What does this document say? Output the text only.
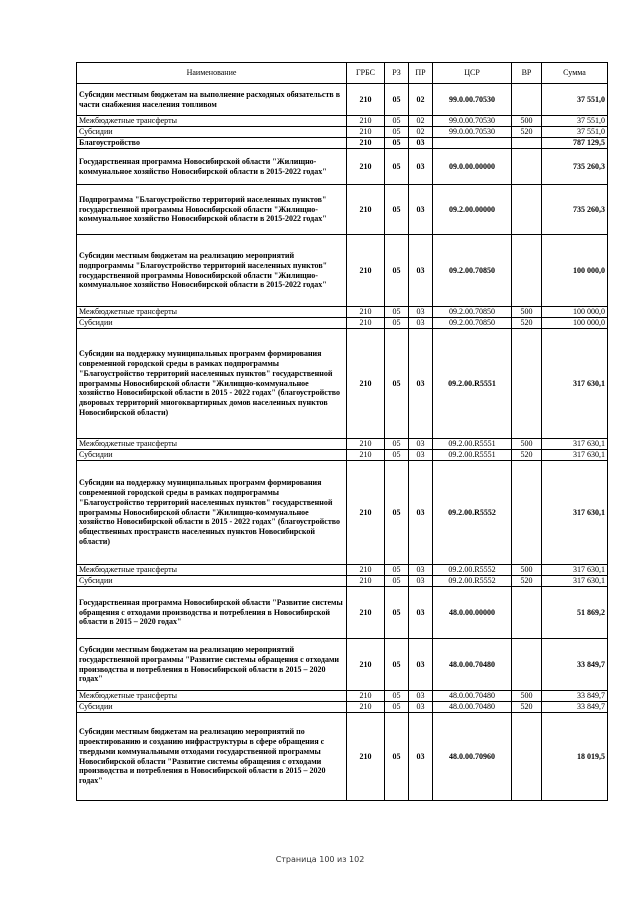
Наименование	ГРБС	РЗ	ПР	ЦСР	ВР	Сумма
Субсидии местным бюджетам на выполнение расходных обязательств в части снабжения населения топливом	210	05	02	99.0.00.70530		37 551,0
Межбюджетные трансферты	210	05	02	99.0.00.70530	500	37 551,0
Субсидии	210	05	02	99.0.00.70530	520	37 551,0
Благоустройство	210	05	03			787 129,5
Государственная программа Новосибирской области "Жилищно-коммунальное хозяйство Новосибирской области в 2015-2022 годах"	210	05	03	09.0.00.00000		735 260,3
Подпрограмма "Благоустройство территорий населенных пунктов" государственной программы Новосибирской области "Жилищно-коммунальное хозяйство Новосибирской области в 2015-2022 годах"	210	05	03	09.2.00.00000		735 260,3
Субсидии местным бюджетам на реализацию мероприятий подпрограммы "Благоустройство территорий населенных пунктов" государственной программы Новосибирской области "Жилищно-коммунальное хозяйство Новосибирской области в 2015-2022 годах"	210	05	03	09.2.00.70850		100 000,0
Межбюджетные трансферты	210	05	03	09.2.00.70850	500	100 000,0
Субсидии	210	05	03	09.2.00.70850	520	100 000,0
Субсидии на поддержку муниципальных программ формирования современной городской среды в рамках подпрограммы "Благоустройство территорий населенных пунктов" государственной программы Новосибирской области "Жилищно-коммунальное хозяйство Новосибирской области в 2015 - 2022 годах" (благоустройство дворовых территорий многоквартирных домов населенных пунктов Новосибирской области)	210	05	03	09.2.00.R5551		317 630,1
Межбюджетные трансферты	210	05	03	09.2.00.R5551	500	317 630,1
Субсидии	210	05	03	09.2.00.R5551	520	317 630,1
Субсидии на поддержку муниципальных программ формирования современной городской среды в рамках подпрограммы "Благоустройство территорий населенных пунктов" государственной программы Новосибирской области "Жилищно-коммунальное хозяйство Новосибирской области в 2015 - 2022 годах" (благоустройство общественных пространств населенных пунктов Новосибирской области)	210	05	03	09.2.00.R5552		317 630,1
Межбюджетные трансферты	210	05	03	09.2.00.R5552	500	317 630,1
Субсидии	210	05	03	09.2.00.R5552	520	317 630,1
Государственная программа Новосибирской области "Развитие системы обращения с отходами производства и потребления в Новосибирской области в 2015 – 2020 годах"	210	05	03	48.0.00.00000		51 869,2
Субсидии местным бюджетам на реализацию мероприятий государственной программы "Развитие системы обращения с отходами производства и потребления в Новосибирской области в 2015 – 2020 годах"	210	05	03	48.0.00.70480		33 849,7
Межбюджетные трансферты	210	05	03	48.0.00.70480	500	33 849,7
Субсидии	210	05	03	48.0.00.70480	520	33 849,7
Субсидии местным бюджетам на реализацию мероприятий по проектированию и созданию инфраструктуры в сфере обращения с твердыми коммунальными отходами государственной программы Новосибирской области "Развитие системы обращения с отходами производства и потребления в Новосибирской области в 2015 – 2020 годах"	210	05	03	48.0.00.70960		18 019,5
Страница 100 из 102
